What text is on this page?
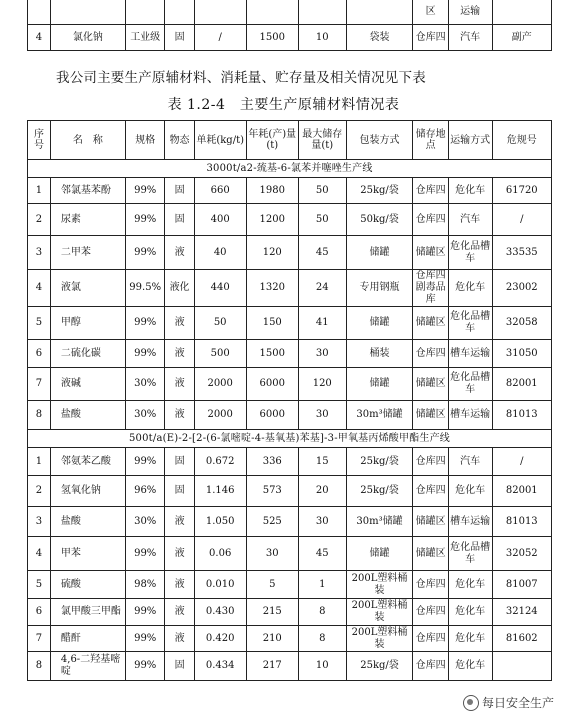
								区	运输	
4	氯化钠	工业级	固	/	1500	10	袋装	仓库四	汽车	副产
我公司主要生产原辅材料、消耗量、贮存量及相关情况见下表
表 1.2-4　主要生产原辅材料情况表
序号	名　称	规格	物态	单耗(kg/t)	年耗(产)量(t)	最大储存量(t)	包装方式	储存地点	运输方式	危规号
3000t/a2-巯基-6-氯苯并噻唑生产线										
1	邻氯基苯酚	99%	固	660	1980	50	25kg/袋	仓库四	危化车	61720
2	尿素	99%	固	400	1200	50	50kg/袋	仓库四	汽车	/
3	二甲苯	99%	液	40	120	45	储罐	储罐区	危化品槽车	33535
4	液氯	99.5%	液化	440	1320	24	专用钢瓶	仓库四剧毒品库	危化车	23002
5	甲醇	99%	液	50	150	41	储罐	储罐区	危化品槽车	32058
6	二硫化碳	99%	液	500	1500	30	桶装	仓库四	槽车运输	31050
7	液碱	30%	液	2000	6000	120	储罐	储罐区	危化品槽车	82001
8	盐酸	30%	液	2000	6000	30	30m³储罐	储罐区	槽车运输	81013
500t/a(E)-2-[2-(6-氯嘧啶-4-基氧基)苯基]-3-甲氧基丙烯酸甲酯生产线										
1	邻氨苯乙酸	99%	固	0.672	336	15	25kg/袋	仓库四	汽车	/
2	氢氧化钠	96%	固	1.146	573	20	25kg/袋	仓库四	危化车	82001
3	盐酸	30%	液	1.050	525	30	30m³储罐	储罐区	槽车运输	81013
4	甲苯	99%	液	0.06	30	45	储罐	储罐区	危化品槽车	32052
5	硫酸	98%	液	0.010	5	1	200L塑料桶装	仓库四	危化车	81007
6	氯甲酸三甲酯	99%	液	0.430	215	8	200L塑料桶装	仓库四	危化车	32124
7	醋酐	99%	液	0.420	210	8	200L塑料桶装	仓库四	危化车	81602
8	4,6-二羟基嘧啶	99%	固	0.434	217	10	25kg/袋	仓库四	危化车	
每日安全生产
